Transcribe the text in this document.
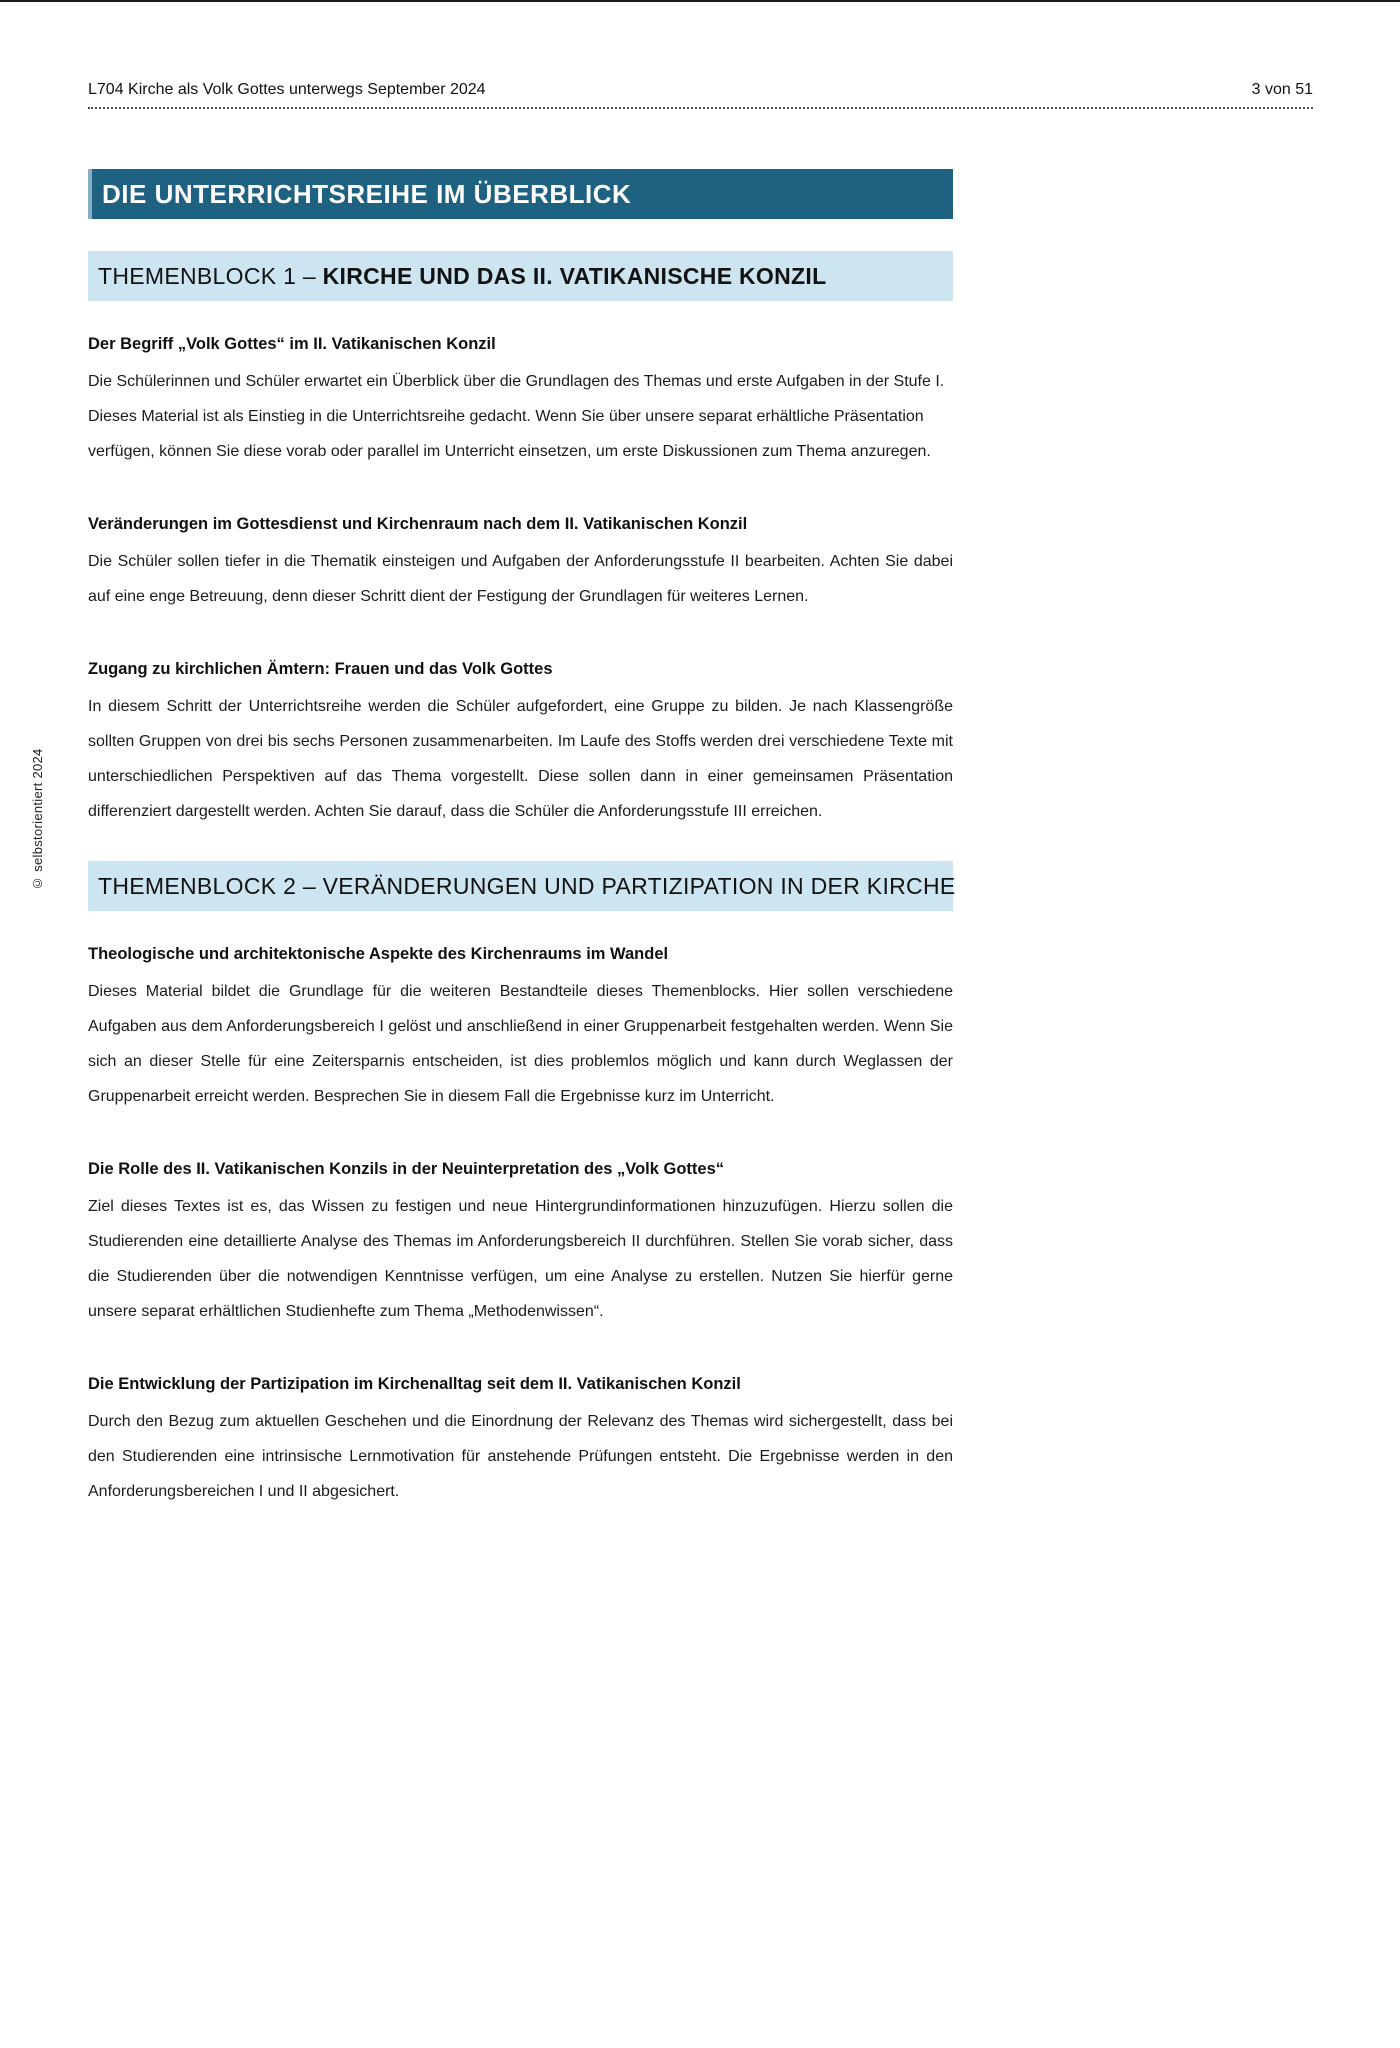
© selbstorientiert 2024
L704 Kirche als Volk Gottes unterwegs September 2024	3 von 51
DIE UNTERRICHTSREIHE IM ÜBERBLICK
THEMENBLOCK 1 – KIRCHE UND DAS II. VATIKANISCHE KONZIL
Der Begriff „Volk Gottes“ im II. Vatikanischen Konzil
Die Schülerinnen und Schüler erwartet ein Überblick über die Grundlagen des Themas und erste Aufgaben in der Stufe I. Dieses Material ist als Einstieg in die Unterrichtsreihe gedacht. Wenn Sie über unsere separat erhältliche Präsentation verfügen, können Sie diese vorab oder parallel im Unterricht einsetzen, um erste Diskussionen zum Thema anzuregen.
Veränderungen im Gottesdienst und Kirchenraum nach dem II. Vatikanischen Konzil
Die Schüler sollen tiefer in die Thematik einsteigen und Aufgaben der Anforderungsstufe II bearbeiten. Achten Sie dabei auf eine enge Betreuung, denn dieser Schritt dient der Festigung der Grundlagen für weiteres Lernen.
Zugang zu kirchlichen Ämtern: Frauen und das Volk Gottes
In diesem Schritt der Unterrichtsreihe werden die Schüler aufgefordert, eine Gruppe zu bilden. Je nach Klassengröße sollten Gruppen von drei bis sechs Personen zusammenarbeiten. Im Laufe des Stoffs werden drei verschiedene Texte mit unterschiedlichen Perspektiven auf das Thema vorgestellt. Diese sollen dann in einer gemeinsamen Präsentation differenziert dargestellt werden. Achten Sie darauf, dass die Schüler die Anforderungsstufe III erreichen.
THEMENBLOCK 2 – VERÄNDERUNGEN UND PARTIZIPATION IN DER KIRCHE
Theologische und architektonische Aspekte des Kirchenraums im Wandel
Dieses Material bildet die Grundlage für die weiteren Bestandteile dieses Themenblocks. Hier sollen verschiedene Aufgaben aus dem Anforderungsbereich I gelöst und anschließend in einer Gruppenarbeit festgehalten werden. Wenn Sie sich an dieser Stelle für eine Zeitersparnis entscheiden, ist dies problemlos möglich und kann durch Weglassen der Gruppenarbeit erreicht werden. Besprechen Sie in diesem Fall die Ergebnisse kurz im Unterricht.
Die Rolle des II. Vatikanischen Konzils in der Neuinterpretation des „Volk Gottes“
Ziel dieses Textes ist es, das Wissen zu festigen und neue Hintergrundinformationen hinzuzufügen. Hierzu sollen die Studierenden eine detaillierte Analyse des Themas im Anforderungsbereich II durchführen. Stellen Sie vorab sicher, dass die Studierenden über die notwendigen Kenntnisse verfügen, um eine Analyse zu erstellen. Nutzen Sie hierfür gerne unsere separat erhältlichen Studienhefte zum Thema „Methodenwissen“.
Die Entwicklung der Partizipation im Kirchenalltag seit dem II. Vatikanischen Konzil
Durch den Bezug zum aktuellen Geschehen und die Einordnung der Relevanz des Themas wird sichergestellt, dass bei den Studierenden eine intrinsische Lernmotivation für anstehende Prüfungen entsteht. Die Ergebnisse werden in den Anforderungsbereichen I und II abgesichert.
